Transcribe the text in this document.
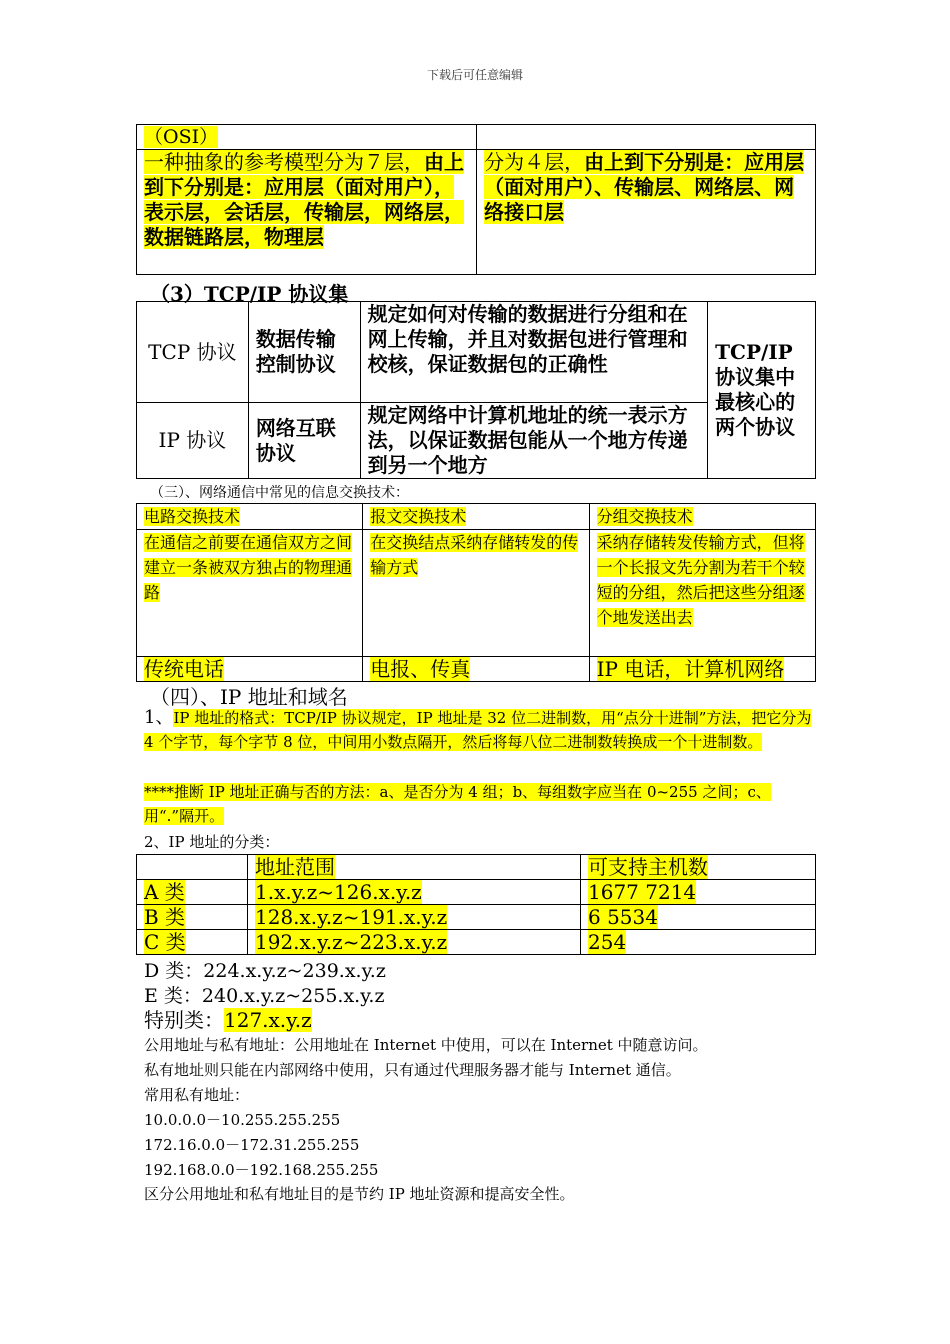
下载后可任意编辑
（OSI）	
一种抽象的参考模型分为７层，由上到下分别是：应用层（面对用户），表示层，会话层，传输层，网络层，数据链路层，物理层	分为４层，由上到下分别是：应用层（面对用户）、传输层、网络层、网络接口层
（3）TCP/IP 协议集
TCP 协议	数据传输控制协议	规定如何对传输的数据进行分组和在网上传输，并且对数据包进行管理和校核，保证数据包的正确性	TCP/IP 协议集中最核心的两个协议
IP 协议	网络互联协议	规定网络中计算机地址的统一表示方法，以保证数据包能从一个地方传递到另一个地方	
（三）、网络通信中常见的信息交换技术：
电路交换技术	报文交换技术	分组交换技术
在通信之前要在通信双方之间建立一条被双方独占的物理通路	在交换结点采纳存储转发的传输方式	采纳存储转发传输方式，但将一个长报文先分割为若干个较短的分组，然后把这些分组逐个地发送出去
传统电话	电报、传真	IP 电话，计算机网络
（四）、IP 地址和域名
1、IP 地址的格式：TCP/IP 协议规定，IP 地址是 32 位二进制数，用“点分十进制”方法，把它分为 4 个字节，每个字节 8 位，中间用小数点隔开，然后将每八位二进制数转换成一个十进制数。
****推断 IP 地址正确与否的方法：a、是否分为 4 组；b、每组数字应当在 0~255 之间；c、用“.”隔开。
2、IP 地址的分类：
	地址范围	可支持主机数
A 类	1.x.y.z~126.x.y.z	1677 7214
B 类	128.x.y.z~191.x.y.z	6 5534
C 类	192.x.y.z~223.x.y.z	254
D 类：224.x.y.z~239.x.y.z
E 类：240.x.y.z~255.x.y.z
特别类：127.x.y.z
公用地址与私有地址：公用地址在 Internet 中使用，可以在 Internet 中随意访问。
私有地址则只能在内部网络中使用，只有通过代理服务器才能与 Internet 通信。
常用私有地址：
10.0.0.0－10.255.255.255
172.16.0.0－172.31.255.255
192.168.0.0－192.168.255.255
区分公用地址和私有地址目的是节约 IP 地址资源和提高安全性。
